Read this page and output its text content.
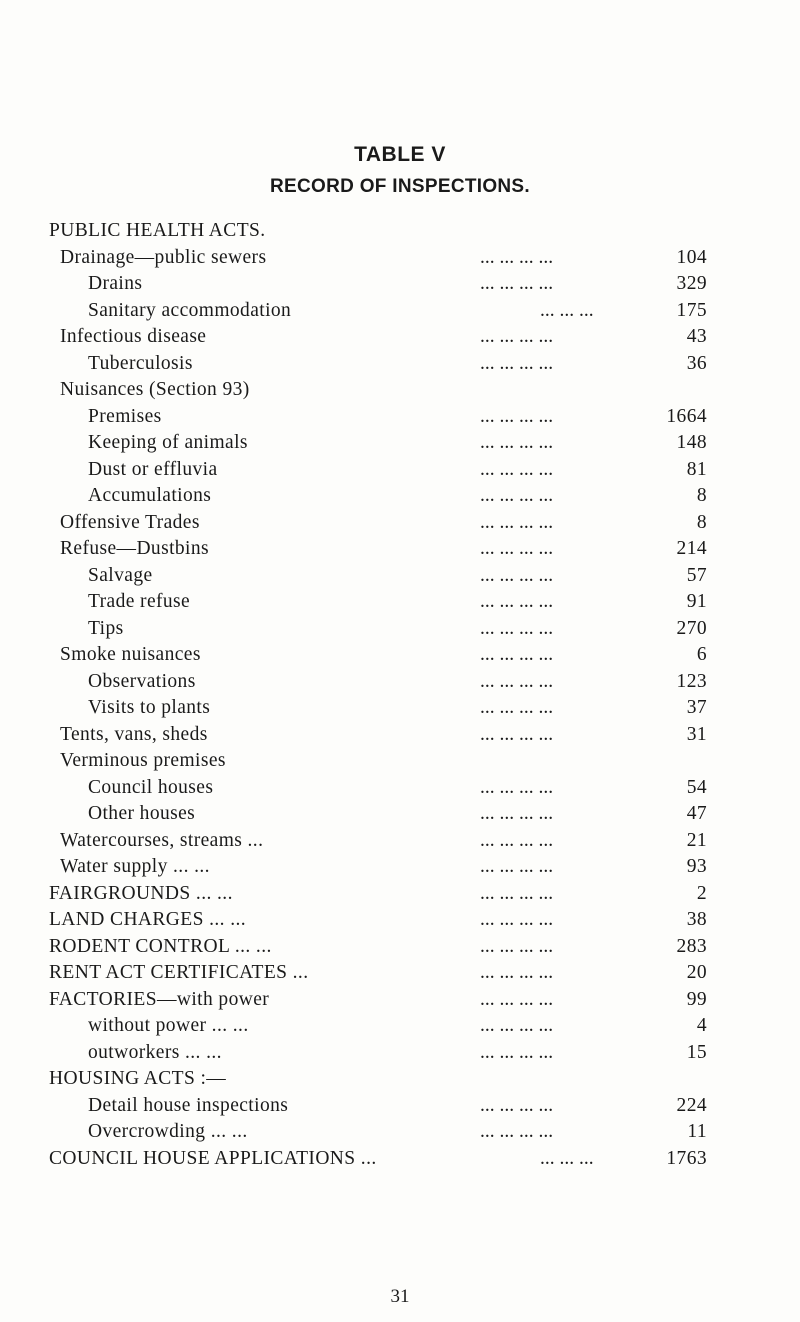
TABLE V
RECORD OF INSPECTIONS.
PUBLIC HEALTH ACTS.
Drainage—public sewers	... ... ... ...	104
Drains	... ... ... ...	329
Sanitary accommodation	... ... ...	175
Infectious disease	... ... ... ...	43
Tuberculosis	... ... ... ...	36
Nuisances (Section 93)
Premises	... ... ... ...	1664
Keeping of animals	... ... ... ...	148
Dust or effluvia	... ... ... ...	81
Accumulations	... ... ... ...	8
Offensive Trades	... ... ... ...	8
Refuse—Dustbins	... ... ... ...	214
Salvage	... ... ... ...	57
Trade refuse	... ... ... ...	91
Tips	... ... ... ...	270
Smoke nuisances	... ... ... ...	6
Observations	... ... ... ...	123
Visits to plants	... ... ... ...	37
Tents, vans, sheds	... ... ... ...	31
Verminous premises
Council houses	... ... ... ...	54
Other houses	... ... ... ...	47
Watercourses, streams ...	... ... ... ...	21
Water supply ... ...	... ... ... ...	93
FAIRGROUNDS ... ...	... ... ... ...	2
LAND CHARGES ... ...	... ... ... ...	38
RODENT CONTROL ... ...	... ... ... ...	283
RENT ACT CERTIFICATES ...	... ... ... ...	20
FACTORIES—with power	... ... ... ...	99
without power ... ...	... ... ... ...	4
outworkers ... ...	... ... ... ...	15
HOUSING ACTS :—
Detail house inspections	... ... ... ...	224
Overcrowding ... ...	... ... ... ...	11
COUNCIL HOUSE APPLICATIONS ...	... ... ...	1763
31
